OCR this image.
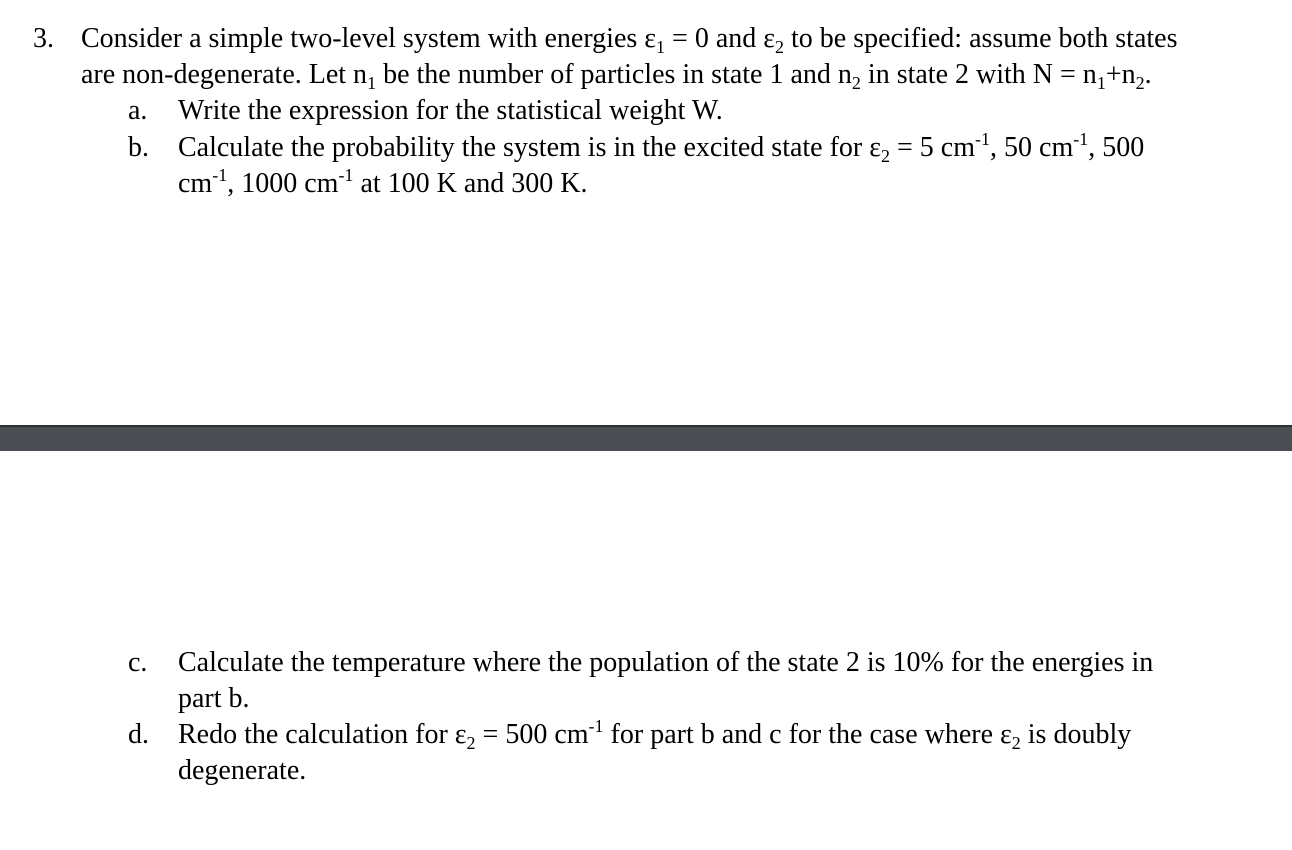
3. Consider a simple two-level system with energies $\varepsilon_1 = 0$ and $\varepsilon_2$ to be specified: assume both states
are non-degenerate. Let $n_1$ be the number of particles in state 1 and $n_2$ in state 2 with $N = n_1+n_2$.
a. Write the expression for the statistical weight W.
b. Calculate the probability the system is in the excited state for $\varepsilon_2 = 5$ $cm^{-1}$, 50 $cm^{-1}$, 500
$cm^{-1}$, 1000 $cm^{-1}$ at 100 K and 300 K.
c. Calculate the temperature where the population of the state 2 is 10% for the energies in
part b.
d. Redo the calculation for $\varepsilon_2 = 500$ $cm^{-1}$ for part b and c for the case where $\varepsilon_2$ is doubly
degenerate.
